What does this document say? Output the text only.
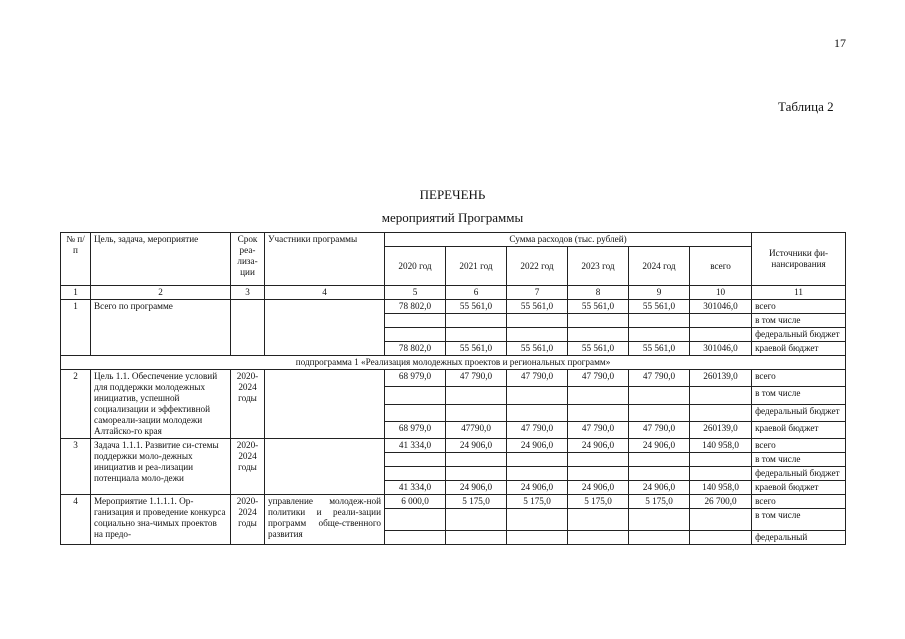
17
Таблица 2
ПЕРЕЧЕНЬ
мероприятий Программы
№ п/п	Цель, задача, мероприятие	Срок реа-лиза-ции	Участники программы	Сумма расходов (тыс. рублей)						Источники фи-нансирования
				2020 год	2021 год	2022 год	2023 год	2024 год	всего	
1	2	3	4	5	6	7	8	9	10	11
1	Всего по программе			78 802,0	55 561,0	55 561,0	55 561,0	55 561,0	301046,0	всего
										в том числе
										федеральный бюджет
				78 802,0	55 561,0	55 561,0	55 561,0	55 561,0	301046,0	краевой бюджет
подпрограмма 1 «Реализация молодежных проектов и региональных программ»										
2	Цель 1.1. Обеспечение условий для поддержки молодежных инициатив, успешной социализации и эффективной самореали-зации молодежи Алтайско-го края	2020-2024 годы		68 979,0	47 790,0	47 790,0	47 790,0	47 790,0	260139,0	всего
										в том числе
										федеральный бюджет
				68 979,0	47790,0	47 790,0	47 790,0	47 790,0	260139,0	краевой бюджет
3	Задача 1.1.1. Развитие си-стемы поддержки моло-дежных инициатив и реа-лизации потенциала моло-дежи	2020-2024 годы		41 334,0	24 906,0	24 906,0	24 906,0	24 906,0	140 958,0	всего
										в том числе
										федеральный бюджет
				41 334,0	24 906,0	24 906,0	24 906,0	24 906,0	140 958,0	краевой бюджет
4	Мероприятие 1.1.1.1. Ор-ганизация и проведение конкурса социально зна-чимых проектов на предо-	2020-2024 годы	управление молодеж-ной политики и реали-зации программ обще-ственного развития	6 000,0	5 175,0	5 175,0	5 175,0	5 175,0	26 700,0	всего
										в том числе
										федеральный
